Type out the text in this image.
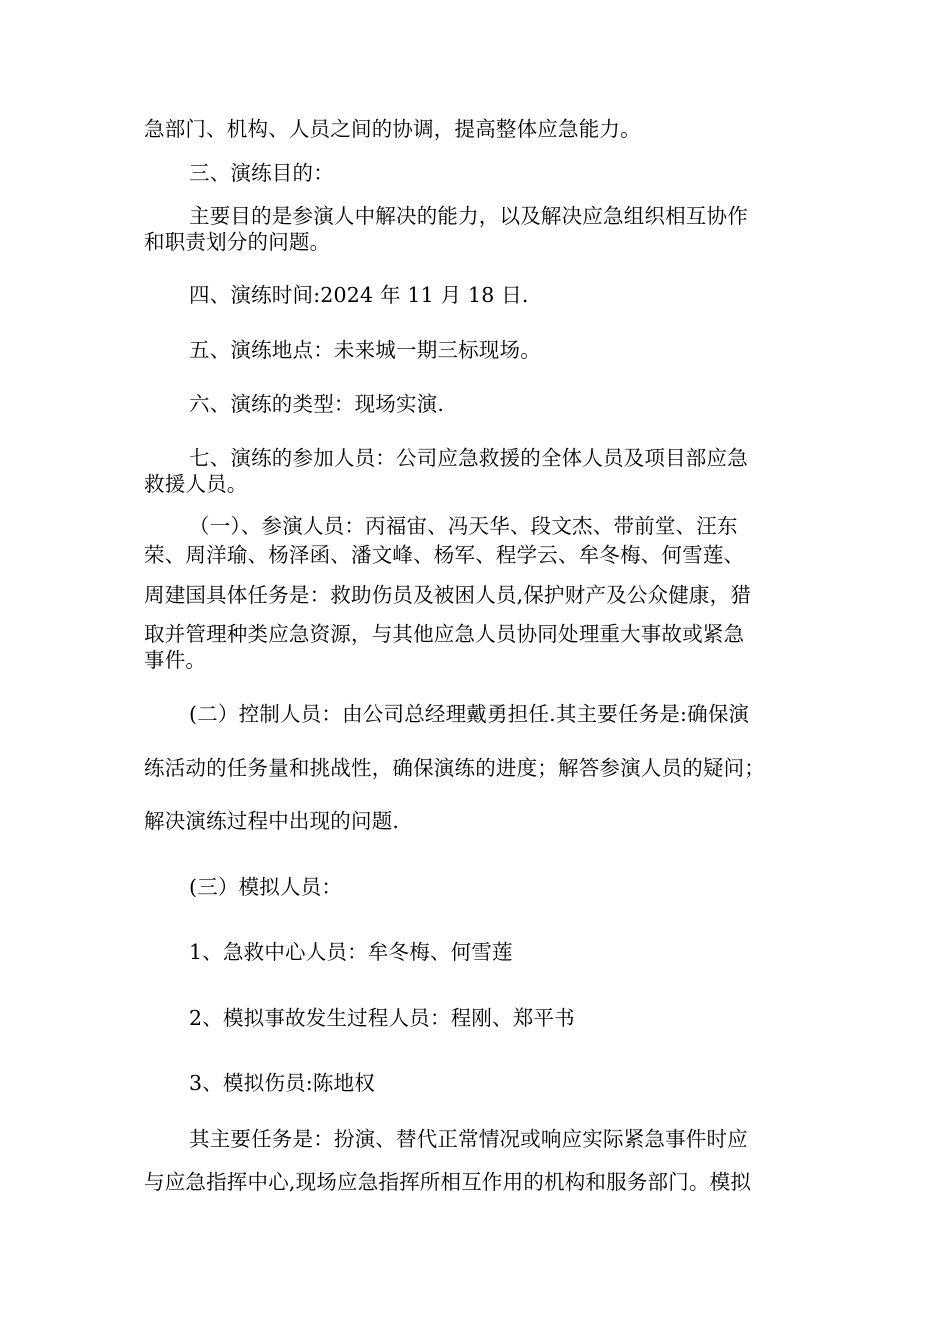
急部门、机构、人员之间的协调，提高整体应急能力。
三、演练目的：
主要目的是参演人中解决的能力，以及解决应急组织相互协作
和职责划分的问题。
四、演练时间:2024 年 11 月 18 日.
五、演练地点：未来城一期三标现场。
六、演练的类型：现场实演.
七、演练的参加人员：公司应急救援的全体人员及项目部应急
救援人员。
（一）、参演人员：丙福宙、冯天华、段文杰、带前堂、汪东
荣、周洋瑜、杨泽函、潘文峰、杨军、程学云、牟冬梅、何雪莲、
周建国具体任务是：救助伤员及被困人员,保护财产及公众健康，猎
取并管理种类应急资源，与其他应急人员协同处理重大事故或紧急
事件。
(二）控制人员：由公司总经理戴勇担任.其主要任务是:确保演
练活动的任务量和挑战性，确保演练的进度；解答参演人员的疑问；
解决演练过程中出现的问题.
(三）模拟人员：
1、急救中心人员：牟冬梅、何雪莲
2、模拟事故发生过程人员：程刚、郑平书
3、模拟伤员:陈地权
其主要任务是：扮演、替代正常情况或响应实际紧急事件时应
与应急指挥中心,现场应急指挥所相互作用的机构和服务部门。模拟
